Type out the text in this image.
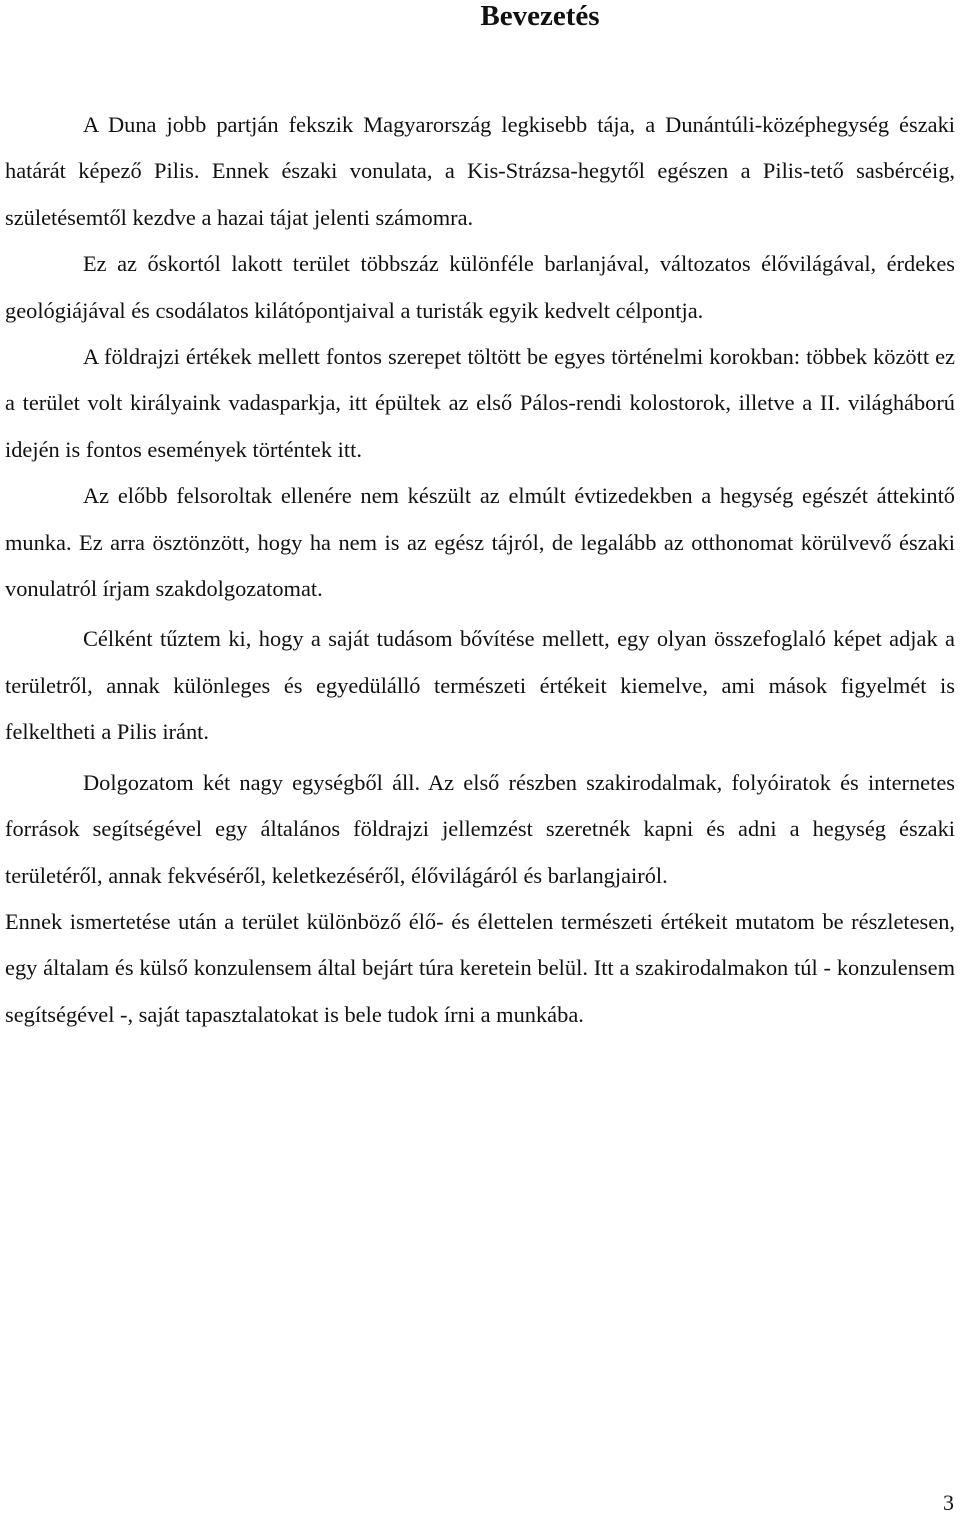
Bevezetés

A Duna jobb partján fekszik Magyarország legkisebb tája, a Dunántúli-középhegység északi határát képező Pilis. Ennek északi vonulata, a Kis-Strázsa-hegytől egészen a Pilis-tető sasbércéig, születésemtől kezdve a hazai tájat jelenti számomra.

Ez az őskortól lakott terület többszáz különféle barlanjával, változatos élővilágával, érdekes geológiájával és csodálatos kilátópontjaival a turisták egyik kedvelt célpontja.

A földrajzi értékek mellett fontos szerepet töltött be egyes történelmi korokban: többek között ez a terület volt királyaink vadasparkja, itt épültek az első Pálos-rendi kolostorok, illetve a II. világháború idején is fontos események történtek itt.

Az előbb felsoroltak ellenére nem készült az elmúlt évtizedekben a hegység egészét áttekintő munka. Ez arra ösztönzött, hogy ha nem is az egész tájról, de legalább az otthonomat körülvevő északi vonulatról írjam szakdolgozatomat.

Célként tűztem ki, hogy a saját tudásom bővítése mellett, egy olyan összefoglaló képet adjak a területről, annak különleges és egyedülálló természeti értékeit kiemelve, ami mások figyelmét is felkeltheti a Pilis iránt.

Dolgozatom két nagy egységből áll. Az első részben szakirodalmak, folyóiratok és internetes források segítségével egy általános földrajzi jellemzést szeretnék kapni és adni a hegység északi területéről, annak fekvéséről, keletkezéséről, élővilágáról és barlangjairól.

Ennek ismertetése után a terület különböző élő- és élettelen természeti értékeit mutatom be részletesen, egy általam és külső konzulensem által bejárt túra keretein belül. Itt a szakirodalmakon túl - konzulensem segítségével -, saját tapasztalatokat is bele tudok írni a munkába.

3
